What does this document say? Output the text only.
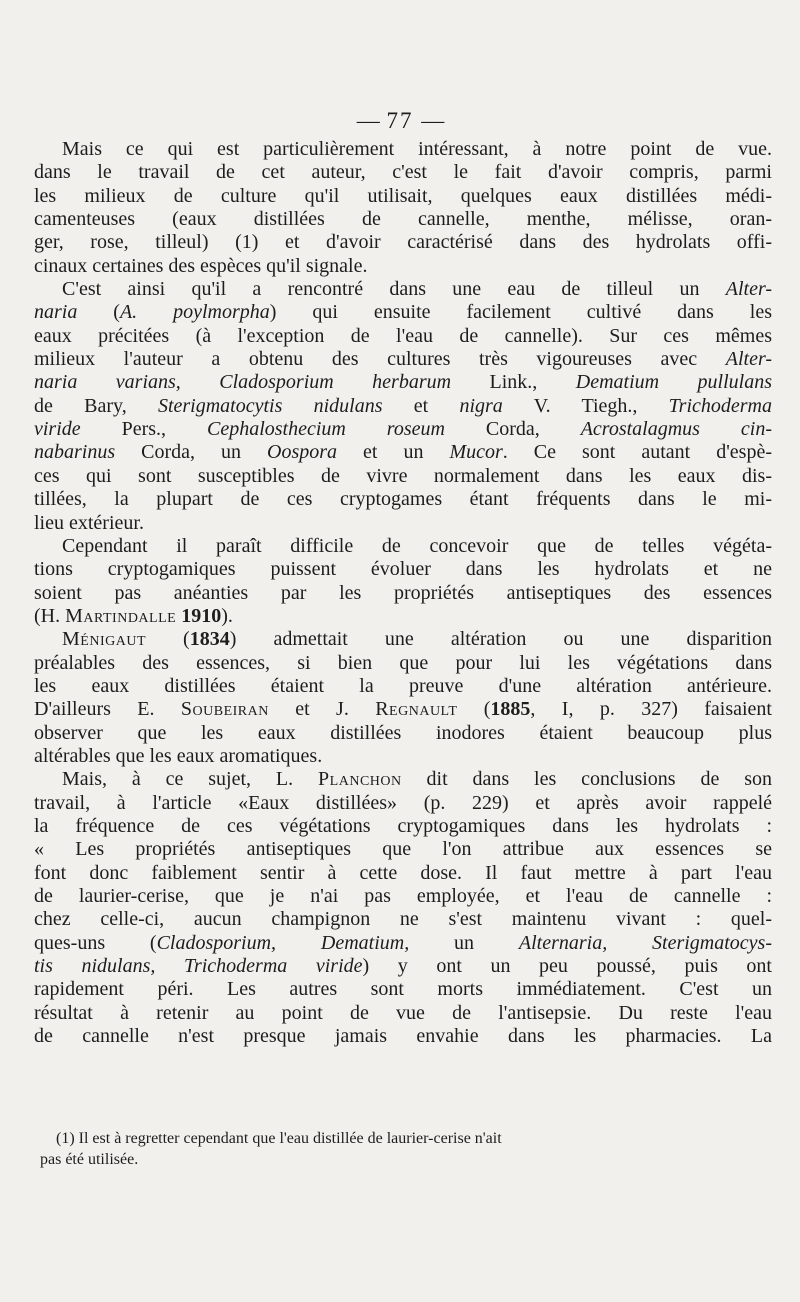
— 77 —
Mais ce qui est particulièrement intéressant, à notre point de vue.
dans le travail de cet auteur, c'est le fait d'avoir compris, parmi
les milieux de culture qu'il utilisait, quelques eaux distillées médi-
camenteuses (eaux distillées de cannelle, menthe, mélisse, oran-
ger, rose, tilleul) (1) et d'avoir caractérisé dans des hydrolats offi-
cinaux certaines des espèces qu'il signale.
C'est ainsi qu'il a rencontré dans une eau de tilleul un Alter-
naria (A. poylmorpha) qui ensuite facilement cultivé dans les
eaux précitées (à l'exception de l'eau de cannelle). Sur ces mêmes
milieux l'auteur a obtenu des cultures très vigoureuses avec Alter-
naria varians, Cladosporium herbarum Link., Dematium pullulans
de Bary, Sterigmatocytis nidulans et nigra V. Tiegh., Trichoderma
viride Pers., Cephalosthecium roseum Corda, Acrostalagmus cin-
nabarinus Corda, un Oospora et un Mucor. Ce sont autant d'espè-
ces qui sont susceptibles de vivre normalement dans les eaux dis-
tillées, la plupart de ces cryptogames étant fréquents dans le mi-
lieu extérieur.
Cependant il paraît difficile de concevoir que de telles végéta-
tions cryptogamiques puissent évoluer dans les hydrolats et ne
soient pas anéanties par les propriétés antiseptiques des essences
(H. Martindalle 1910).
Ménigaut (1834) admettait une altération ou une disparition
préalables des essences, si bien que pour lui les végétations dans
les eaux distillées étaient la preuve d'une altération antérieure.
D'ailleurs E. Soubeiran et J. Regnault (1885, I, p. 327) faisaient
observer que les eaux distillées inodores étaient beaucoup plus
altérables que les eaux aromatiques.
Mais, à ce sujet, L. Planchon dit dans les conclusions de son
travail, à l'article «Eaux distillées» (p. 229) et après avoir rappelé
la fréquence de ces végétations cryptogamiques dans les hydrolats :
« Les propriétés antiseptiques que l'on attribue aux essences se
font donc faiblement sentir à cette dose. Il faut mettre à part l'eau
de laurier-cerise, que je n'ai pas employée, et l'eau de cannelle :
chez celle-ci, aucun champignon ne s'est maintenu vivant : quel-
ques-uns (Cladosporium, Dematium, un Alternaria, Sterigmatocys-
tis nidulans, Trichoderma viride) y ont un peu poussé, puis ont
rapidement péri. Les autres sont morts immédiatement. C'est un
résultat à retenir au point de vue de l'antisepsie. Du reste l'eau
de cannelle n'est presque jamais envahie dans les pharmacies. La
(1) Il est à regretter cependant que l'eau distillée de laurier-cerise n'ait
pas été utilisée.
